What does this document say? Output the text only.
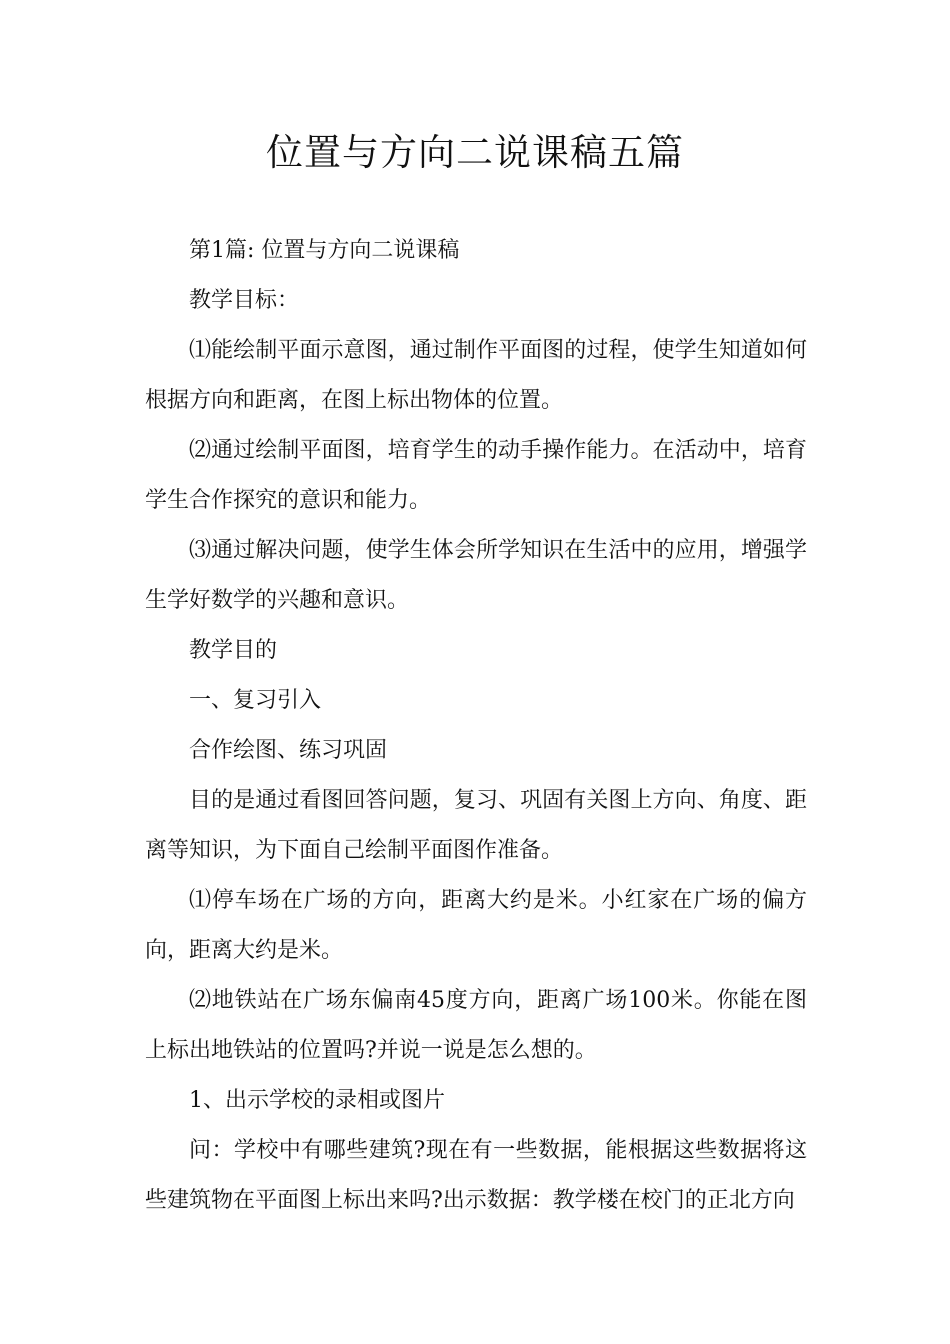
位置与方向二说课稿五篇

第1篇: 位置与方向二说课稿

教学目标：

⑴能绘制平面示意图，通过制作平面图的过程，使学生知道如何根据方向和距离，在图上标出物体的位置。

⑵通过绘制平面图，培育学生的动手操作能力。在活动中，培育学生合作探究的意识和能力。

⑶通过解决问题，使学生体会所学知识在生活中的应用，增强学生学好数学的兴趣和意识。

教学目的

一、复习引入

合作绘图、练习巩固

目的是通过看图回答问题，复习、巩固有关图上方向、角度、距离等知识，为下面自己绘制平面图作准备。

⑴停车场在广场的方向，距离大约是米。小红家在广场的偏方向，距离大约是米。

⑵地铁站在广场东偏南45度方向，距离广场100米。你能在图上标出地铁站的位置吗?并说一说是怎么想的。

1、出示学校的录相或图片

问：学校中有哪些建筑?现在有一些数据，能根据这些数据将这些建筑物在平面图上标出来吗?出示数据：教学楼在校门的正北方向
